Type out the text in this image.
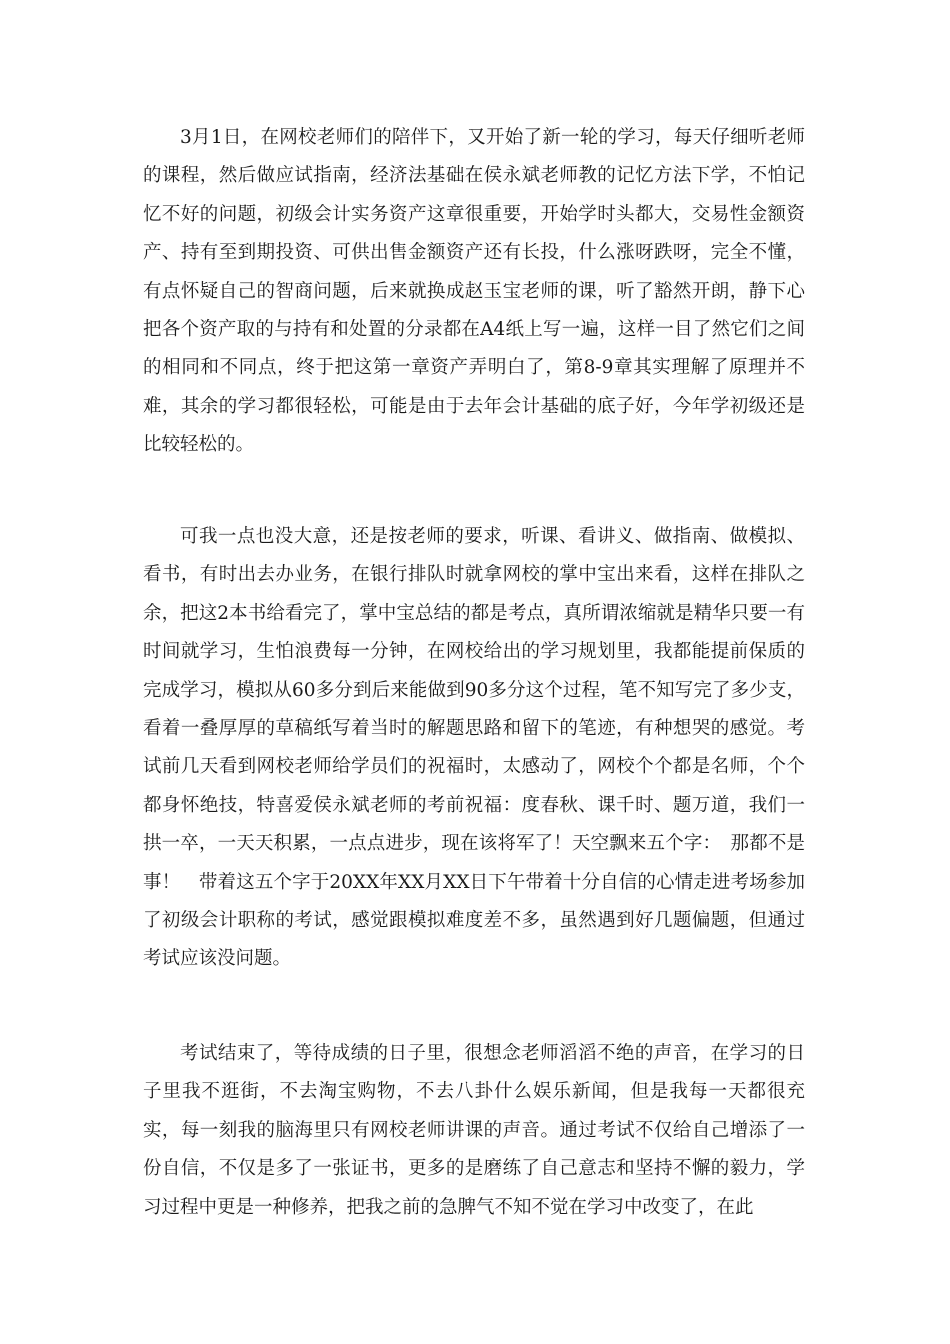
3月1日，在网校老师们的陪伴下，又开始了新一轮的学习，每天仔细听老师的课程，然后做应试指南，经济法基础在侯永斌老师教的记忆方法下学，不怕记忆不好的问题，初级会计实务资产这章很重要，开始学时头都大，交易性金额资产、持有至到期投资、可供出售金额资产还有长投，什么涨呀跌呀，完全不懂，有点怀疑自己的智商问题，后来就换成赵玉宝老师的课，听了豁然开朗，静下心把各个资产取的与持有和处置的分录都在A4纸上写一遍，这样一目了然它们之间的相同和不同点，终于把这第一章资产弄明白了，第8-9章其实理解了原理并不难，其余的学习都很轻松，可能是由于去年会计基础的底子好，今年学初级还是比较轻松的。

可我一点也没大意，还是按老师的要求，听课、看讲义、做指南、做模拟、看书，有时出去办业务，在银行排队时就拿网校的掌中宝出来看，这样在排队之余，把这2本书给看完了，掌中宝总结的都是考点，真所谓浓缩就是精华只要一有时间就学习，生怕浪费每一分钟，在网校给出的学习规划里，我都能提前保质的完成学习，模拟从60多分到后来能做到90多分这个过程，笔不知写完了多少支，看着一叠厚厚的草稿纸写着当时的解题思路和留下的笔迹，有种想哭的感觉。考试前几天看到网校老师给学员们的祝福时，太感动了，网校个个都是名师，个个都身怀绝技，特喜爱侯永斌老师的考前祝福：度春秋、课千时、题万道，我们一拱一卒，一天天积累，一点点进步，现在该将军了！天空飘来五个字：　那都不是事！　带着这五个字于20XX年XX月XX日下午带着十分自信的心情走进考场参加了初级会计职称的考试，感觉跟模拟难度差不多，虽然遇到好几题偏题，但通过考试应该没问题。

考试结束了，等待成绩的日子里，很想念老师滔滔不绝的声音，在学习的日子里我不逛街，不去淘宝购物，不去八卦什么娱乐新闻，但是我每一天都很充实，每一刻我的脑海里只有网校老师讲课的声音。通过考试不仅给自己增添了一份自信，不仅是多了一张证书，更多的是磨练了自己意志和坚持不懈的毅力，学习过程中更是一种修养，把我之前的急脾气不知不觉在学习中改变了，在此
